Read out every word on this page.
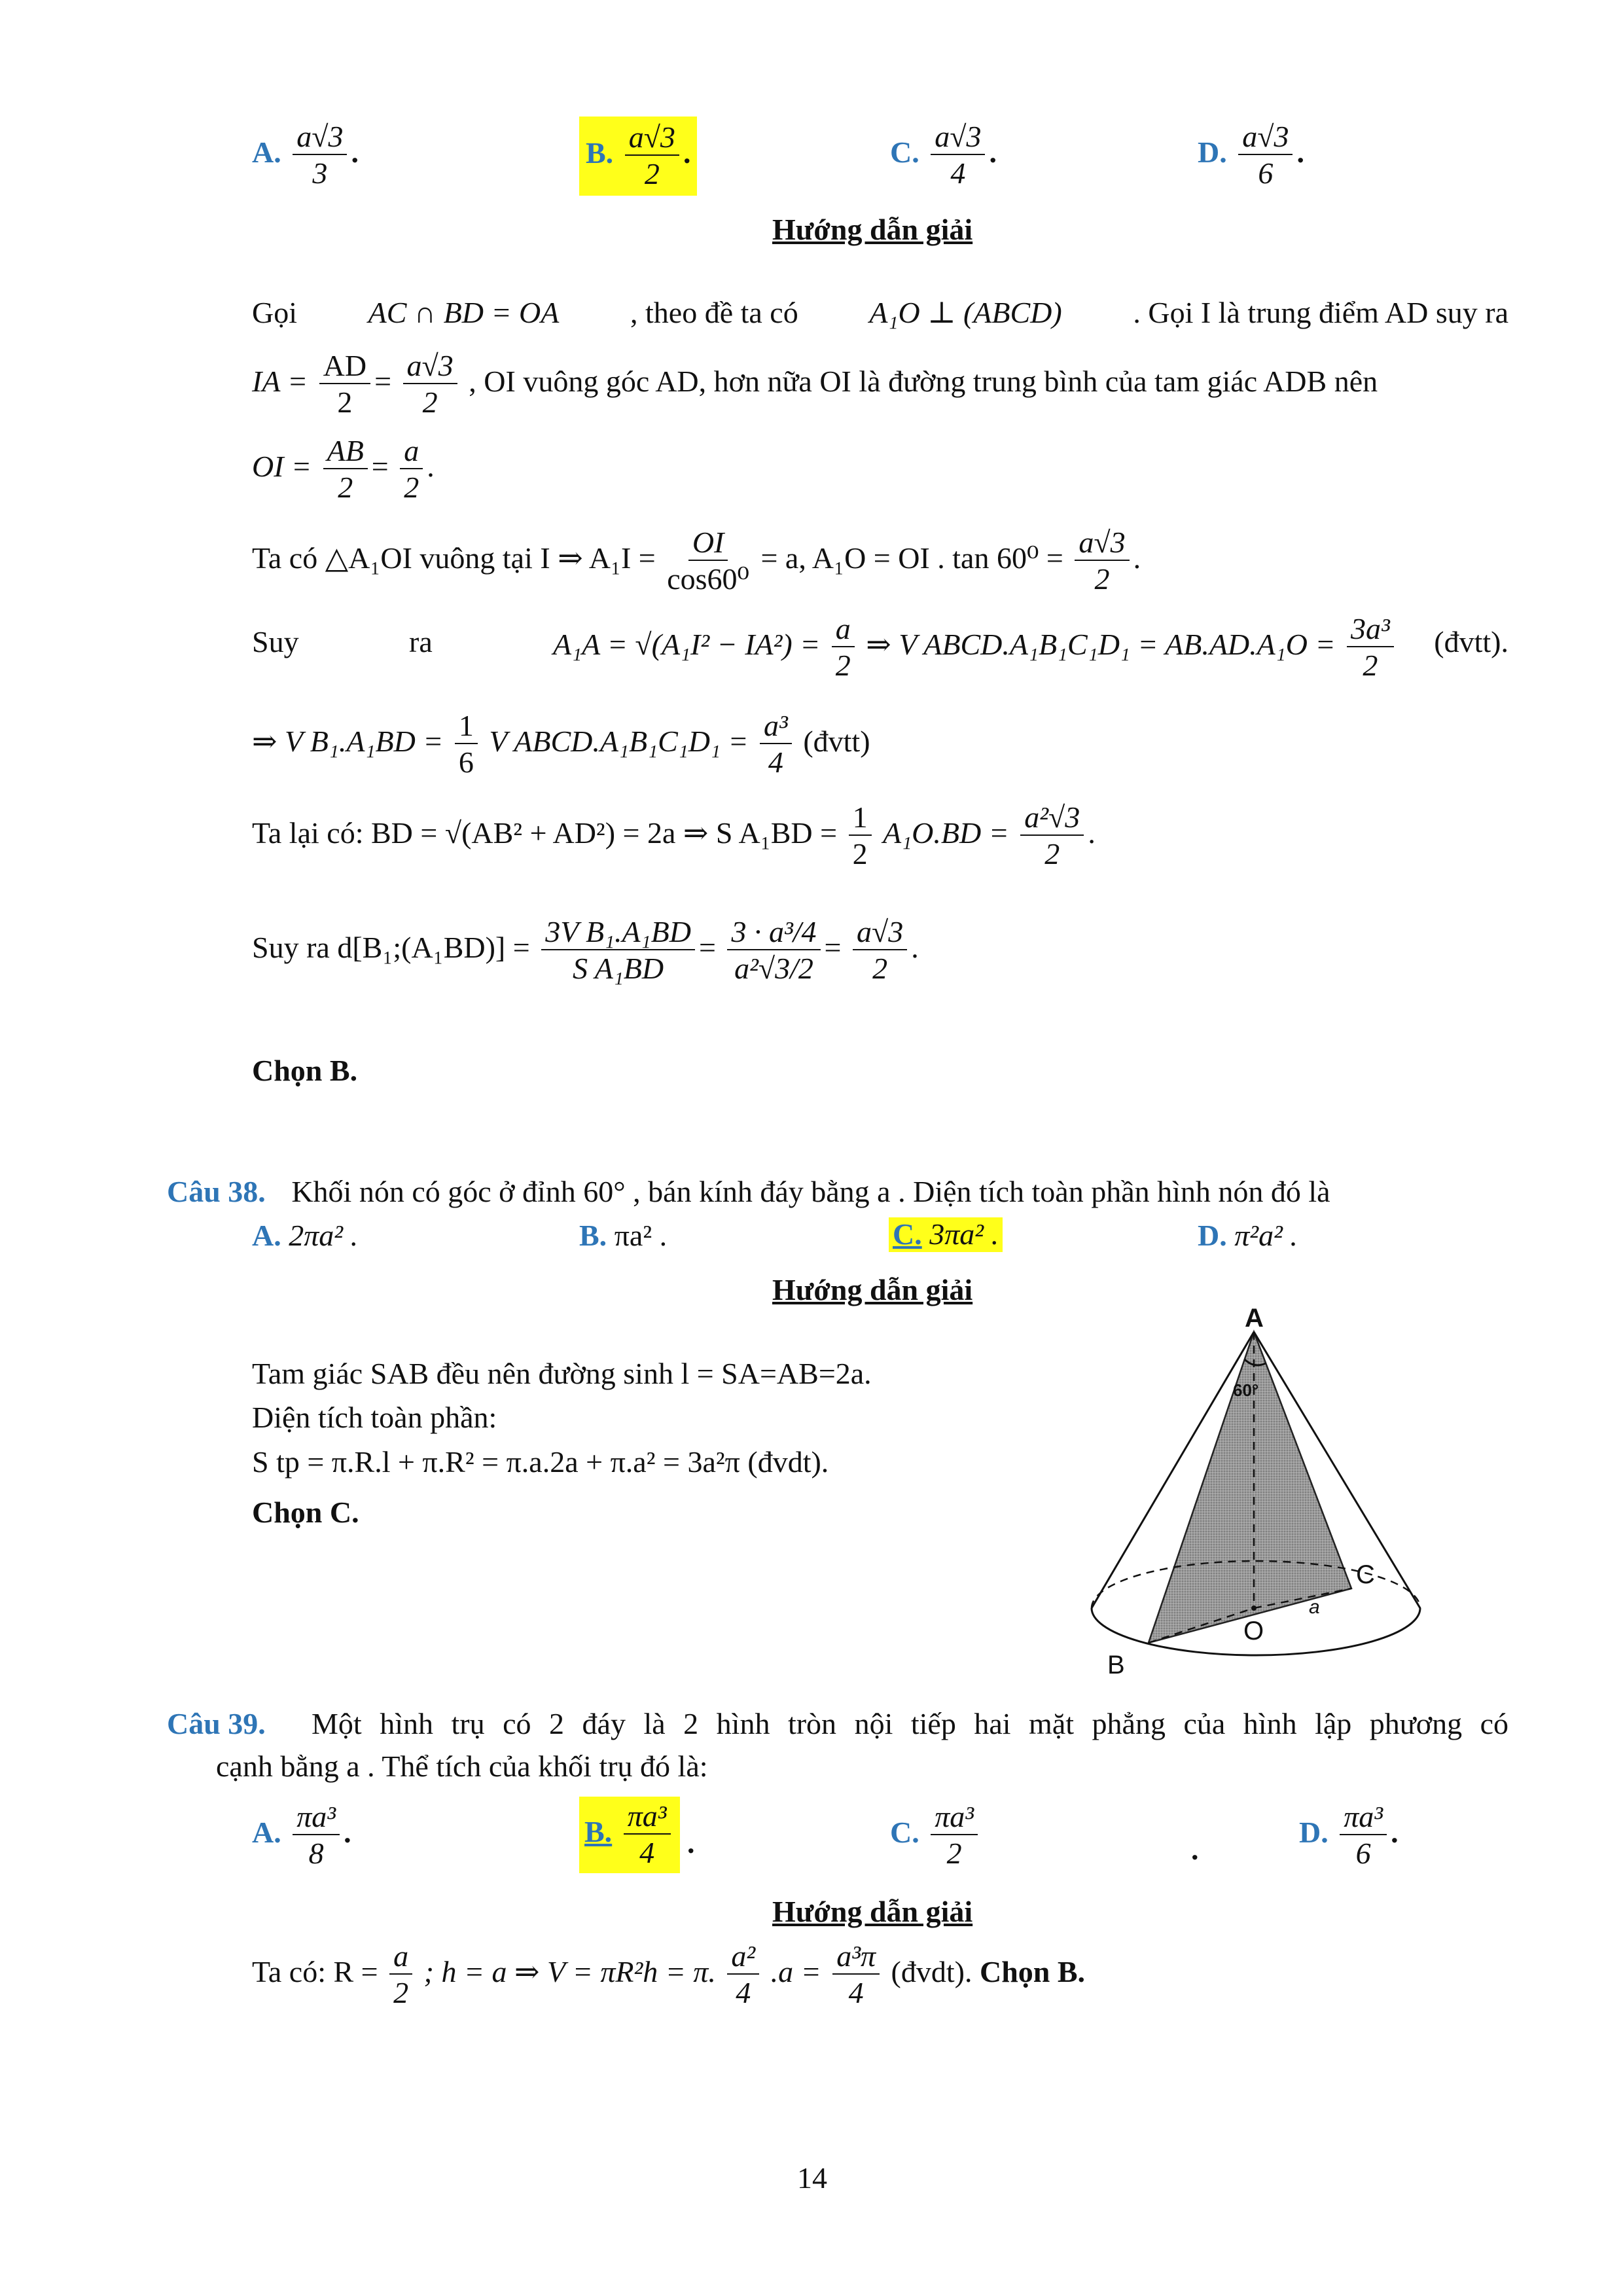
A. $\frac{a√3}{3}$ .	B. $\frac{a√3}{2}$ .	C. $\frac{a√3}{4}$ .	D. $\frac{a√3}{6}$ .
Hướng dẫn giải
Gọi AC ∩ BD = OA , theo đề ta có A₁O ⊥ (ABCD) . Gọi I là trung điểm AD suy ra
IA = $\frac{AD}{2} = \frac{a√3}{2}$ , OI vuông góc AD, hơn nữa OI là đường trung bình của tam giác ADB nên
OI = $\frac{AB}{2} = \frac{a}{2}$ .
Ta có △A₁OI vuông tại I ⇒ $A_1I = \frac{OI}{\text{cos60⁰}} = a$, A₁O = OI . $\tan 60^0 = \frac{a√3}{2}$ .
Suy	ra	$A_1A = √(A_1I^2 - IA^2) = \frac{a}{2}$ ⇒ V ABCD.A₁B₁C₁D₁ = $AB.AD.A_1O = \frac{\text{3a³}}{2}$ (đvtt).
⇒ V $B_1.A_1BD = \frac{1}{6}$ V ABCD.A₁B₁C₁D₁ = $\frac{\text{a³}}{4}$ (đvtt)
Ta lại có: BD = √(AB² + AD²) = 2a ⇒ S $A_1BD = \frac{1}{2} A_1O.BD = \frac{\text{a²√3}}{2}$ .
Suy ra d[B₁;(A₁BD)] = $\frac{\text{3V B₁.A₁BD}}{\text{S A₁BD}} = \frac{\text{3 · a³/4}}{\text{a²√3/2}} = \frac{a√3}{2}$ .
Chọn B.
Câu 38. Khối nón có góc ở đỉnh 60° , bán kính đáy bằng a . Diện tích toàn phần hình nón đó là
A. 2πa² .	B. πa² .	C. 3πa² .	D. π²a² .
Hướng dẫn giải
Tam giác SAB đều nên đường sinh l = SA=AB=2a.
Diện tích toàn phần:
S tp = π.R.l + π.R² = π.a.2a + π.a² = 3a²π (đvdt).
Chọn C.
A
60°
B
C
O
a
Câu 39. Một hình trụ có 2 đáy là 2 hình tròn nội tiếp hai mặt phẳng của hình lập phương có
cạnh bằng a . Thể tích của khối trụ đó là:
A. $\frac{\text{πa³}}{8}$ .	B. $\frac{\text{πa³}}{4}$ .	C. $\frac{\text{πa³}}{2}$	.
D. $\frac{\text{πa³}}{6}$ .
Hướng dẫn giải
Ta có: $R = \frac{a}{2}$ ; h = a ⇒ V = πR²h = π. $\frac{\text{a²}}{4} .a = \frac{\text{a³π}}{4}$ (đvdt). Chọn B.
14
